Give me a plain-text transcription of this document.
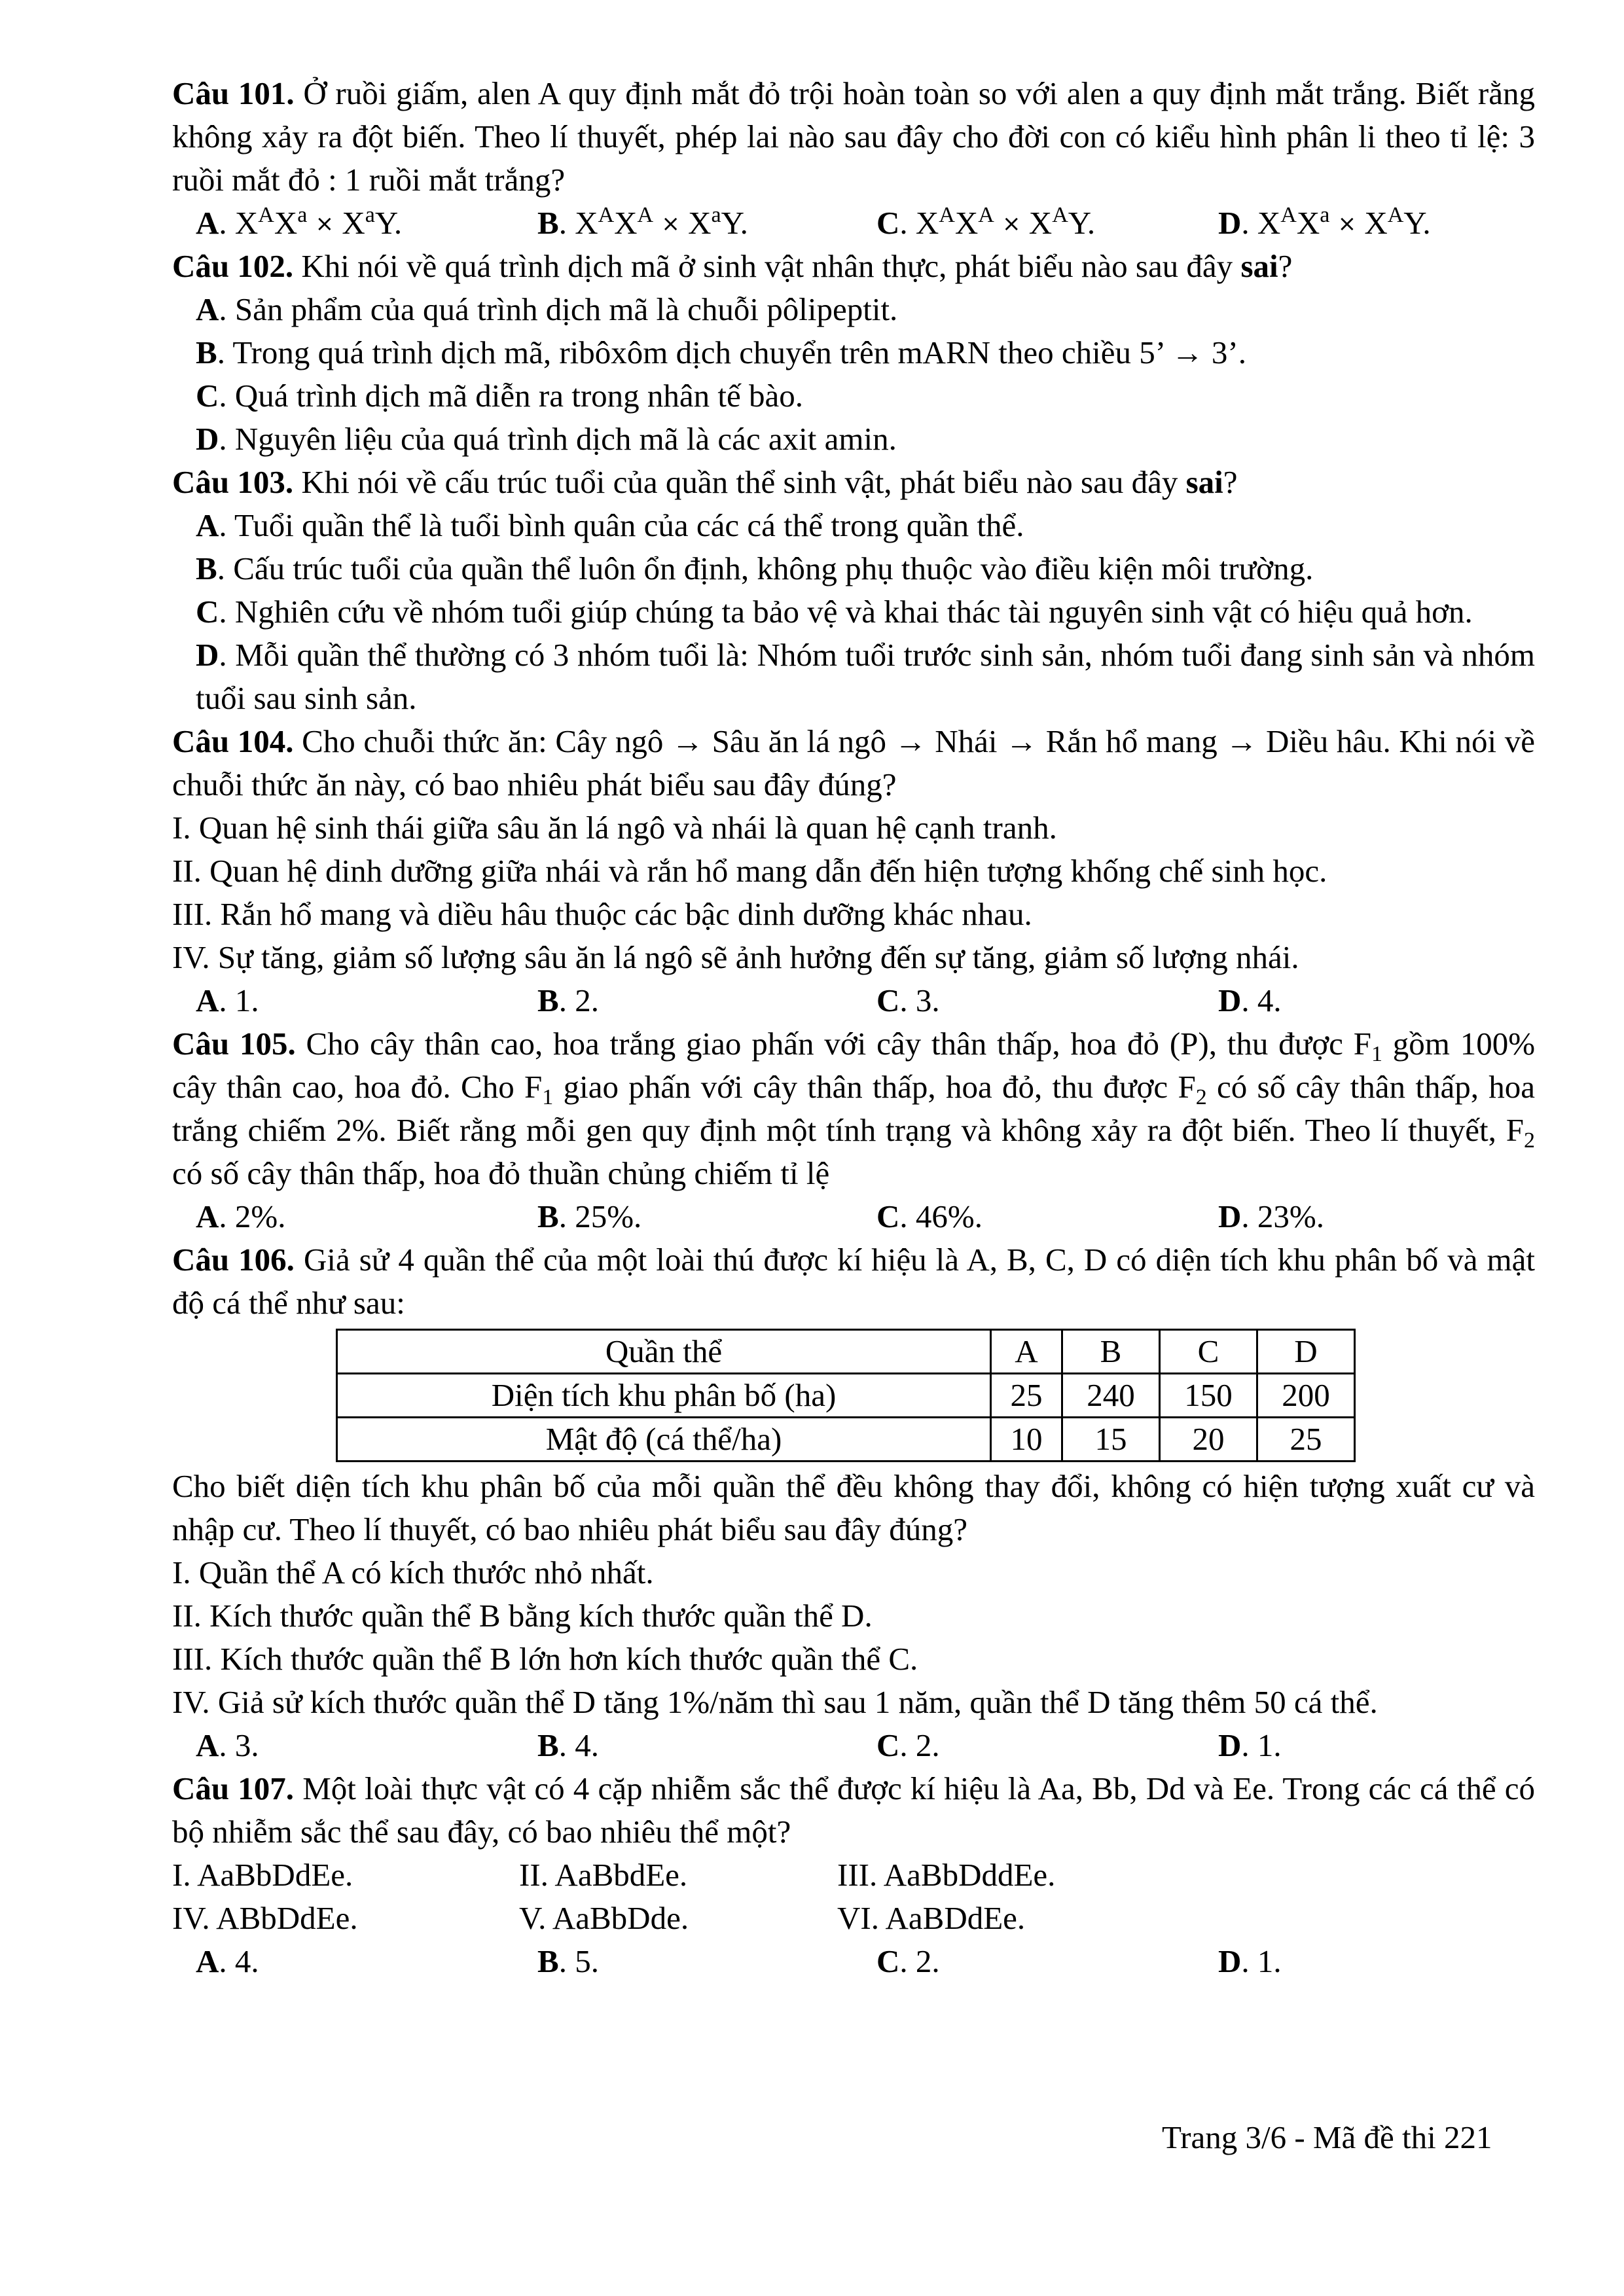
Câu 101. Ở ruồi giấm, alen A quy định mắt đỏ trội hoàn toàn so với alen a quy định mắt trắng. Biết rằng không xảy ra đột biến. Theo lí thuyết, phép lai nào sau đây cho đời con có kiểu hình phân li theo tỉ lệ: 3 ruồi mắt đỏ : 1 ruồi mắt trắng?
A. $X^AX^a \times X^aY$.	B. $X^AX^A \times X^aY$.	C. $X^AX^A \times X^AY$.	D. $X^AX^a \times X^AY$.
Câu 102. Khi nói về quá trình dịch mã ở sinh vật nhân thực, phát biểu nào sau đây sai?
A. Sản phẩm của quá trình dịch mã là chuỗi pôlipeptit.
B. Trong quá trình dịch mã, ribôxôm dịch chuyển trên mARN theo chiều 5’ → 3’.
C. Quá trình dịch mã diễn ra trong nhân tế bào.
D. Nguyên liệu của quá trình dịch mã là các axit amin.
Câu 103. Khi nói về cấu trúc tuổi của quần thể sinh vật, phát biểu nào sau đây sai?
A. Tuổi quần thể là tuổi bình quân của các cá thể trong quần thể.
B. Cấu trúc tuổi của quần thể luôn ổn định, không phụ thuộc vào điều kiện môi trường.
C. Nghiên cứu về nhóm tuổi giúp chúng ta bảo vệ và khai thác tài nguyên sinh vật có hiệu quả hơn.
D. Mỗi quần thể thường có 3 nhóm tuổi là: Nhóm tuổi trước sinh sản, nhóm tuổi đang sinh sản và nhóm tuổi sau sinh sản.
Câu 104. Cho chuỗi thức ăn: Cây ngô → Sâu ăn lá ngô → Nhái → Rắn hổ mang → Diều hâu. Khi nói về chuỗi thức ăn này, có bao nhiêu phát biểu sau đây đúng?
I. Quan hệ sinh thái giữa sâu ăn lá ngô và nhái là quan hệ cạnh tranh.
II. Quan hệ dinh dưỡng giữa nhái và rắn hổ mang dẫn đến hiện tượng khống chế sinh học.
III. Rắn hổ mang và diều hâu thuộc các bậc dinh dưỡng khác nhau.
IV. Sự tăng, giảm số lượng sâu ăn lá ngô sẽ ảnh hưởng đến sự tăng, giảm số lượng nhái.
A. 1.	B. 2.	C. 3.	D. 4.
Câu 105. Cho cây thân cao, hoa trắng giao phấn với cây thân thấp, hoa đỏ (P), thu được $F_1$ gồm 100% cây thân cao, hoa đỏ. Cho $F_1$ giao phấn với cây thân thấp, hoa đỏ, thu được $F_2$ có số cây thân thấp, hoa trắng chiếm 2%. Biết rằng mỗi gen quy định một tính trạng và không xảy ra đột biến. Theo lí thuyết, $F_2$ có số cây thân thấp, hoa đỏ thuần chủng chiếm tỉ lệ
A. 2%.	B. 25%.	C. 46%.	D. 23%.
Câu 106. Giả sử 4 quần thể của một loài thú được kí hiệu là A, B, C, D có diện tích khu phân bố và mật độ cá thể như sau:
Quần thể	A	B	C	D
Diện tích khu phân bố (ha)	25	240	150	200
Mật độ (cá thể/ha)	10	15	20	25
Cho biết diện tích khu phân bố của mỗi quần thể đều không thay đổi, không có hiện tượng xuất cư và nhập cư. Theo lí thuyết, có bao nhiêu phát biểu sau đây đúng?
I. Quần thể A có kích thước nhỏ nhất.
II. Kích thước quần thể B bằng kích thước quần thể D.
III. Kích thước quần thể B lớn hơn kích thước quần thể C.
IV. Giả sử kích thước quần thể D tăng 1%/năm thì sau 1 năm, quần thể D tăng thêm 50 cá thể.
A. 3.	B. 4.	C. 2.	D. 1.
Câu 107. Một loài thực vật có 4 cặp nhiễm sắc thể được kí hiệu là Aa, Bb, Dd và Ee. Trong các cá thể có bộ nhiễm sắc thể sau đây, có bao nhiêu thể một?
I. AaBbDdEe.	II. AaBbdEe.	III. AaBbDddEe.
IV. ABbDdEe.	V. AaBbDde.	VI. AaBDdEe.
A. 4.	B. 5.	C. 2.	D. 1.
Trang 3/6 - Mã đề thi 221
